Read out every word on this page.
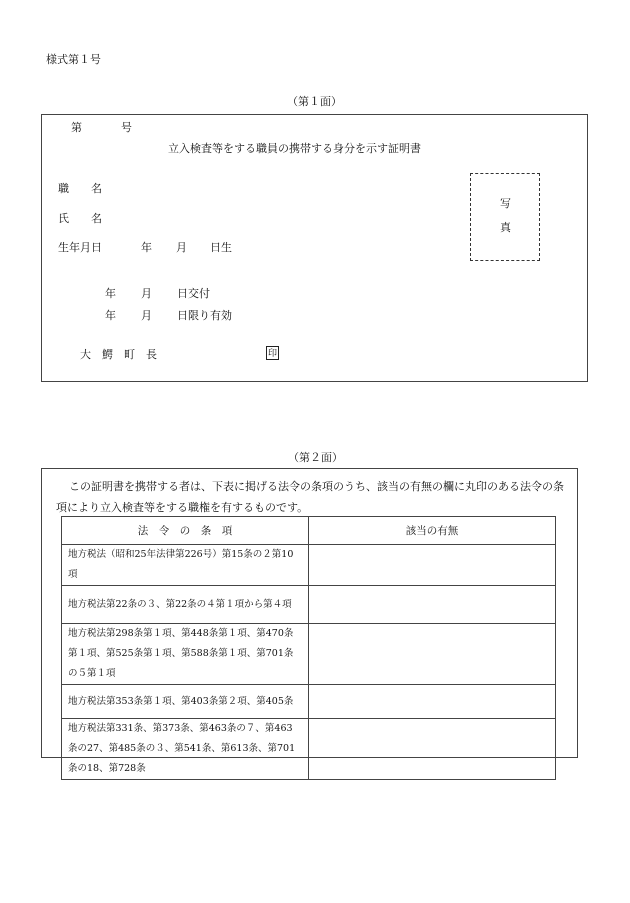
様式第１号
（第１面）
第	号
立入検査等をする職員の携帯する身分を示す証明書
職　　名
氏　　名
生年月日	年 月 日生
写
真
年 月 日交付
年 月 日限り有効
大　鰐　町　長	印
（第２面）
この証明書を携帯する者は、下表に掲げる法令の条項のうち、該当の有無の欄に丸印のある法令の条項により立入検査等をする職権を有するものです。
法　令　の　条　項	該当の有無
地方税法（昭和25年法律第226号）第15条の２第10項	
地方税法第22条の３、第22条の４第１項から第４項	
地方税法第298条第１項、第448条第１項、第470条第１項、第525条第１項、第588条第１項、第701条の５第１項	
地方税法第353条第１項、第403条第２項、第405条	
地方税法第331条、第373条、第463条の７、第463条の27、第485条の３、第541条、第613条、第701条の18、第728条	
